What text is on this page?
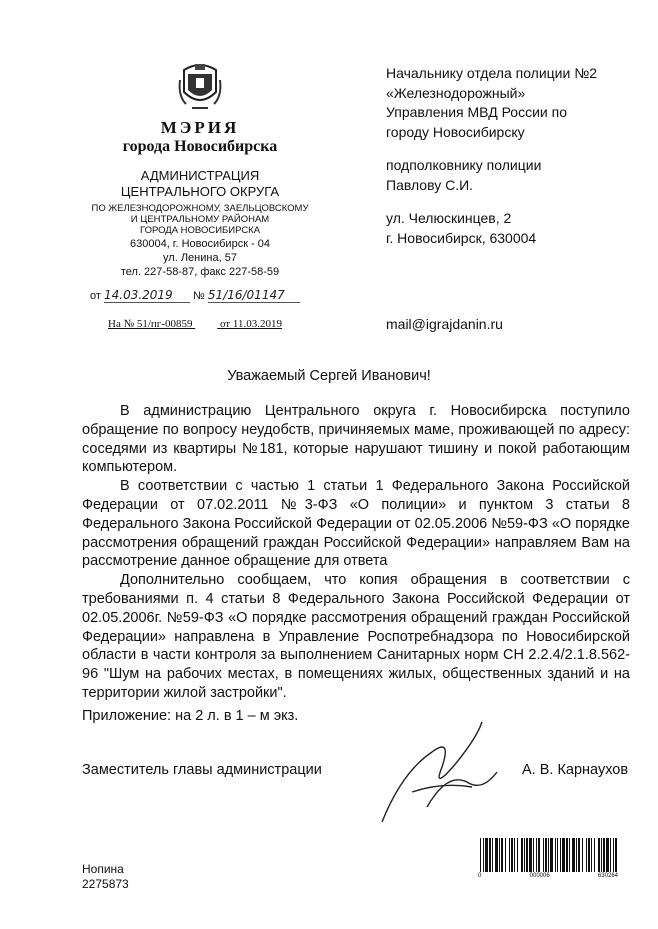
МЭРИЯ
города Новосибирска
АДМИНИСТРАЦИЯ
ЦЕНТРАЛЬНОГО ОКРУГА
ПО ЖЕЛЕЗНОДОРОЖНОМУ, ЗАЕЛЬЦОВСКОМУ
И ЦЕНТРАЛЬНОМУ РАЙОНАМ
ГОРОДА НОВОСИБИРСКА
630004, г. Новосибирск - 04
ул. Ленина, 57
тел. 227-58-87, факс 227-58-59
от 14.03.2019 № 51/16/01147
На № 51/пг-00859	от 11.03.2019
Начальнику отдела полиции №2
«Железнодорожный»
Управления МВД России по
городу Новосибирску
подполковнику полиции
Павлову С.И.
ул. Челюскинцев, 2
г. Новосибирск, 630004
mail@igrajdanin.ru
Уважаемый Сергей Иванович!

В администрацию Центрального округа г. Новосибирска поступило обращение по вопросу неудобств, причиняемых маме, проживающей по адресу: соседями из квартиры №181, которые нарушают тишину и покой работающим компьютером.

В соответствии с частью 1 статьи 1 Федерального Закона Российской Федерации от 07.02.2011 №3-ФЗ «О полиции» и пунктом 3 статьи 8 Федерального Закона Российской Федерации от 02.05.2006 №59-ФЗ «О порядке рассмотрения обращений граждан Российской Федерации» направляем Вам на рассмотрение данное обращение для ответа

Дополнительно сообщаем, что копия обращения в соответствии с требованиями п. 4 статьи 8 Федерального Закона Российской Федерации от 02.05.2006г. №59-ФЗ «О порядке рассмотрения обращений граждан Российской Федерации» направлена в Управление Роспотребнадзора по Новосибирской области в части контроля за выполнением Санитарных норм СН 2.2.4/2.1.8.562-96 "Шум на рабочих местах, в помещениях жилых, общественных зданий и на территории жилой застройки".

Приложение: на 2 л. в 1 – м экз.
Заместитель главы администрации	А. В. Карнаухов
Нопина
2275873
0	000006	630264
